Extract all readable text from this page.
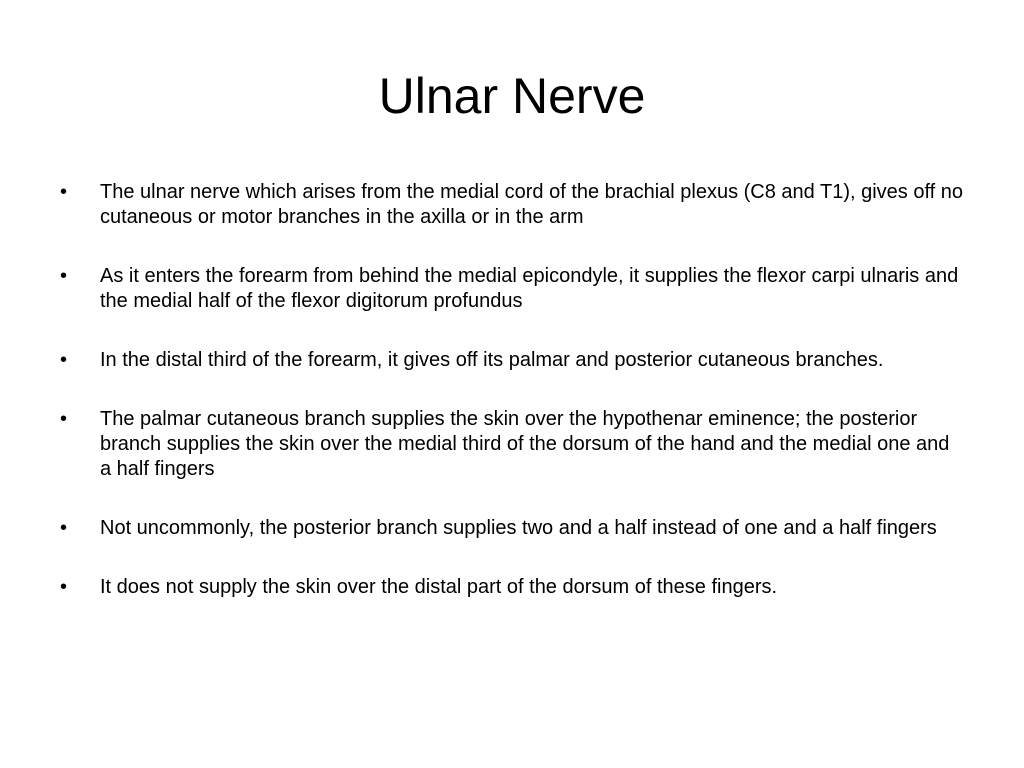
Ulnar Nerve
•	The ulnar nerve which arises from the medial cord of the brachial plexus (C8 and T1), gives off no cutaneous or motor branches in the axilla or in the arm
•	As it enters the forearm from behind the medial epicondyle, it supplies the flexor carpi ulnaris and the medial half of the flexor digitorum profundus
•	In the distal third of the forearm, it gives off its palmar and posterior cutaneous branches.
•	The palmar cutaneous branch supplies the skin over the hypothenar eminence; the posterior branch supplies the skin over the medial third of the dorsum of the hand and the medial one and a half fingers
•	Not uncommonly, the posterior branch supplies two and a half instead of one and a half fingers
•	It does not supply the skin over the distal part of the dorsum of these fingers.
